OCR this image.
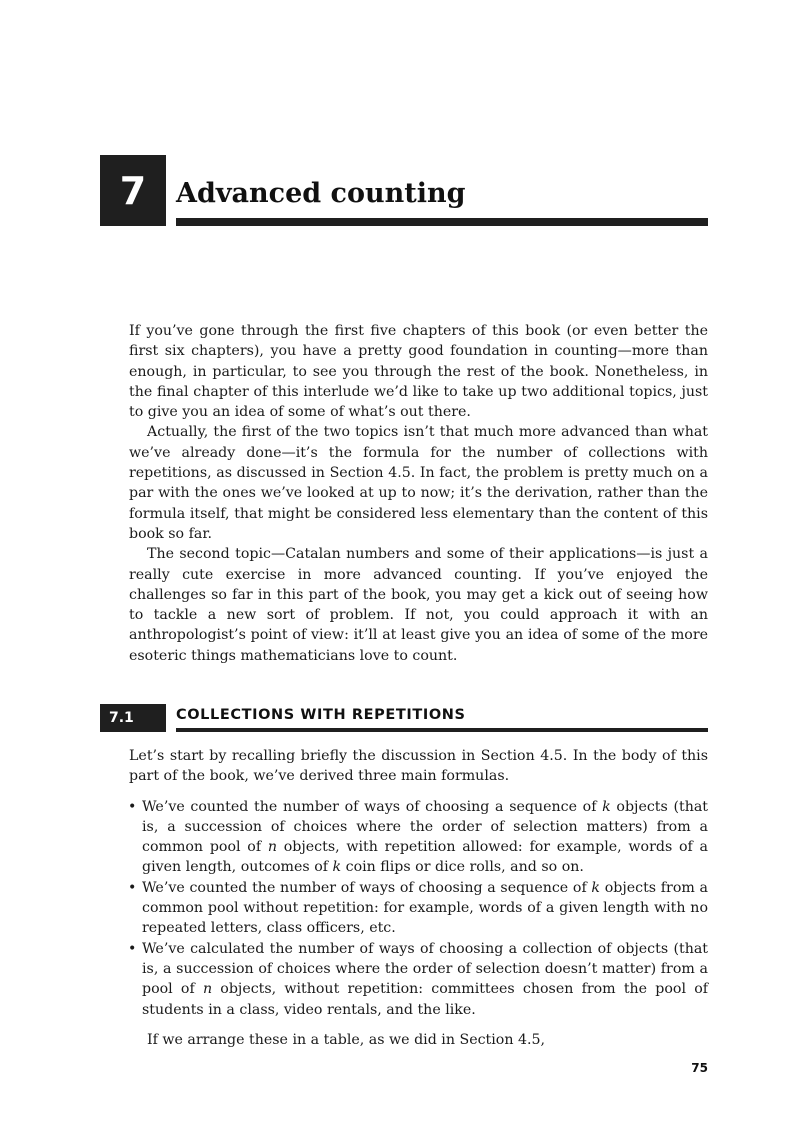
7 Advanced counting

If you’ve gone through the first five chapters of this book (or even better the first six chapters), you have a pretty good foundation in counting—more than enough, in particular, to see you through the rest of the book. Nonetheless, in the final chapter of this interlude we’d like to take up two additional topics, just to give you an idea of some of what’s out there.

Actually, the first of the two topics isn’t that much more advanced than what we’ve already done—it’s the formula for the number of collections with repetitions, as discussed in Section 4.5. In fact, the problem is pretty much on a par with the ones we’ve looked at up to now; it’s the derivation, rather than the formula itself, that might be considered less elementary than the content of this book so far.

The second topic—Catalan numbers and some of their applications—is just a really cute exercise in more advanced counting. If you’ve enjoyed the challenges so far in this part of the book, you may get a kick out of seeing how to tackle a new sort of problem. If not, you could approach it with an anthropologist’s point of view: it’ll at least give you an idea of some of the more esoteric things mathematicians love to count.

7.1	COLLECTIONS WITH REPETITIONS

Let’s start by recalling briefly the discussion in Section 4.5. In the body of this part of the book, we’ve derived three main formulas.

• We’ve counted the number of ways of choosing a sequence of k objects (that is, a succession of choices where the order of selection matters) from a common pool of n objects, with repetition allowed: for example, words of a given length, outcomes of k coin flips or dice rolls, and so on.
• We’ve counted the number of ways of choosing a sequence of k objects from a common pool without repetition: for example, words of a given length with no repeated letters, class officers, etc.
• We’ve calculated the number of ways of choosing a collection of objects (that is, a succession of choices where the order of selection doesn’t matter) from a pool of n objects, without repetition: committees chosen from the pool of students in a class, video rentals, and the like.

If we arrange these in a table, as we did in Section 4.5,

75
